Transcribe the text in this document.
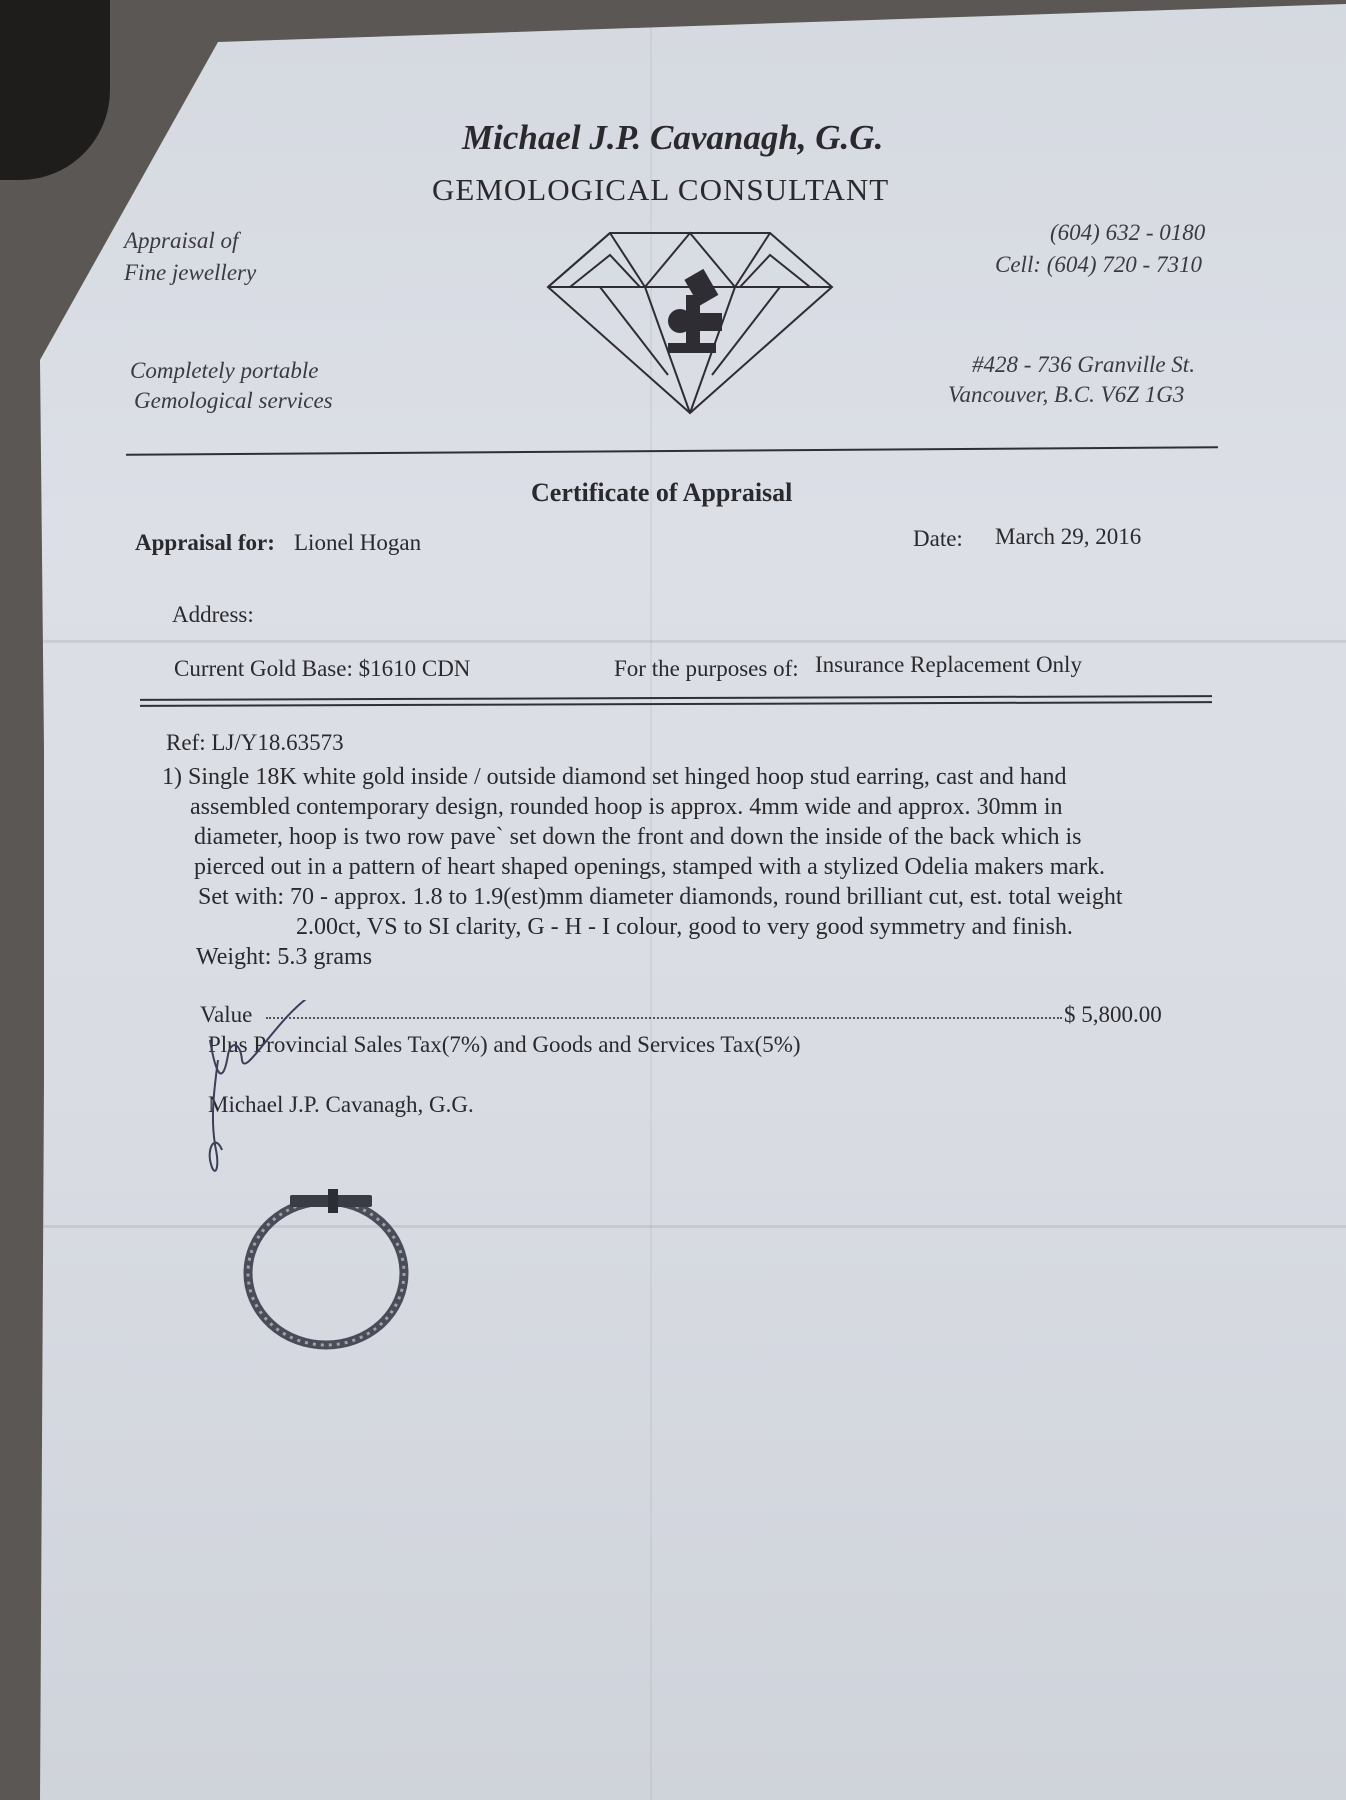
Michael J.P. Cavanagh, G.G.
GEMOLOGICAL CONSULTANT
Appraisal of
Fine jewellery
Completely portable
Gemological services
(604) 632 - 0180
Cell: (604) 720 - 7310
#428 - 736 Granville St.
Vancouver, B.C. V6Z 1G3
Certificate of Appraisal
Appraisal for: Lionel Hogan	Date: March 29, 2016
Address:
Current Gold Base: $1610 CDN	For the purposes of: Insurance Replacement Only
Ref: LJ/Y18.63573
1) Single 18K white gold inside / outside diamond set hinged hoop stud earring, cast and hand
assembled contemporary design, rounded hoop is approx. 4mm wide and approx. 30mm in
diameter, hoop is two row pave` set down the front and down the inside of the back which is
pierced out in a pattern of heart shaped openings, stamped with a stylized Odelia makers mark.
Set with: 70 - approx. 1.8 to 1.9(est)mm diameter diamonds, round brilliant cut, est. total weight
2.00ct, VS to SI clarity, G - H - I colour, good to very good symmetry and finish.
Weight: 5.3 grams
Value	$ 5,800.00
Plus Provincial Sales Tax(7%) and Goods and Services Tax(5%)
Michael J.P. Cavanagh, G.G.
